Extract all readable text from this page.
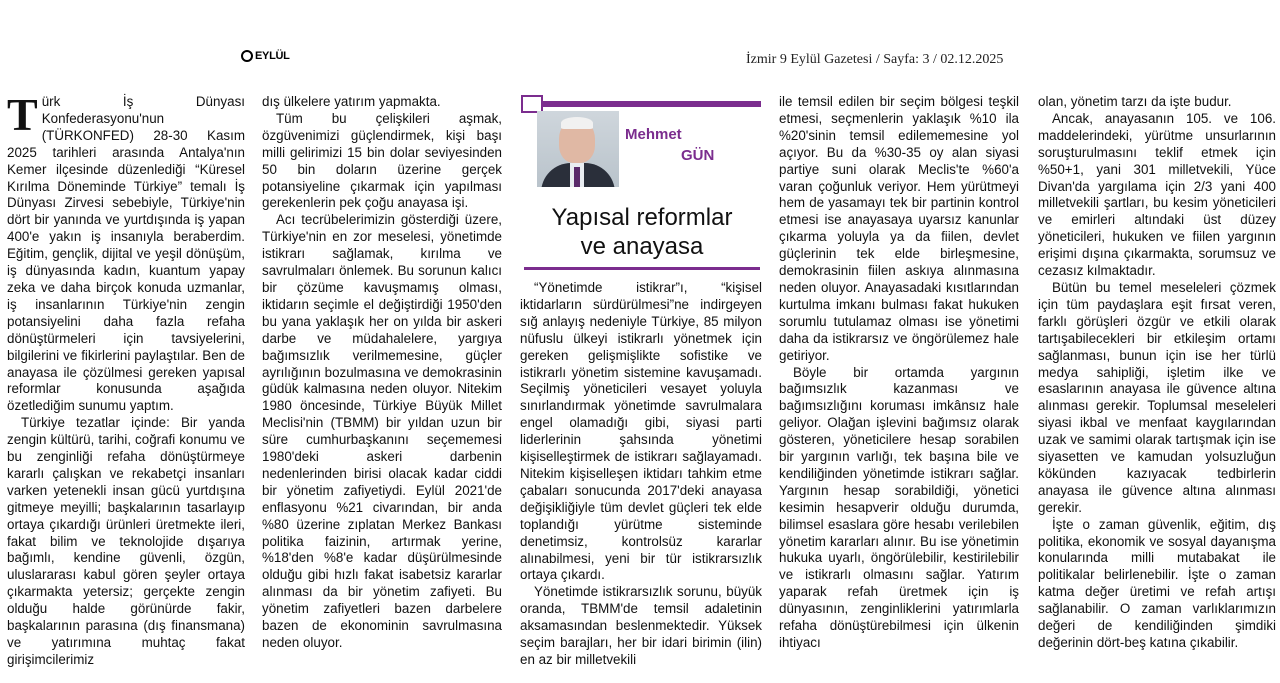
EYLÜL	İzmir 9 Eylül Gazetesi / Sayfa: 3 / 02.12.2025

Türk İş Dünyası Konfederasyonu'nun (TÜRKONFED) 28-30 Kasım 2025 tarihleri arasında Antalya'nın Kemer ilçesinde düzenlediği “Küresel Kırılma Döneminde Türkiye” temalı İş Dünyası Zirvesi sebebiyle, Türkiye'nin dört bir yanında ve yurtdışında iş yapan 400'e yakın iş insanıyla beraberdim. Eğitim, gençlik, dijital ve yeşil dönüşüm, iş dünyasında kadın, kuantum yapay zeka ve daha birçok konuda uzmanlar, iş insanlarının Türkiye'nin zengin potansiyelini daha fazla refaha dönüştürmeleri için tavsiyelerini, bilgilerini ve fikirlerini paylaştılar. Ben de anayasa ile çözülmesi gereken yapısal reformlar konusunda aşağıda özetlediğim sunumu yaptım.

Türkiye tezatlar içinde: Bir yanda zengin kültürü, tarihi, coğrafi konumu ve bu zenginliği refaha dönüştürmeye kararlı çalışkan ve rekabetçi insanları varken yetenekli insan gücü yurtdışına gitmeye meyilli; başkalarının tasarlayıp ortaya çıkardığı ürünleri üretmekte ileri, fakat bilim ve teknolojide dışarıya bağımlı, kendine güvenli, özgün, uluslararası kabul gören şeyler ortaya çıkarmakta yetersiz; gerçekte zengin olduğu halde görünürde fakir, başkalarının parasına (dış finansmana) ve yatırımına muhtaç fakat girişimcilerimiz

dış ülkelere yatırım yapmakta.

Tüm bu çelişkileri aşmak, özgüvenimizi güçlendirmek, kişi başı milli gelirimizi 15 bin dolar seviyesinden 50 bin doların üzerine gerçek potansiyeline çıkarmak için yapılması gerekenlerin pek çoğu anayasa işi.

Acı tecrübelerimizin gösterdiği üzere, Türkiye'nin en zor meselesi, yönetimde istikrarı sağlamak, kırılma ve savrulmaları önlemek. Bu sorunun kalıcı bir çözüme kavuşmamış olması, iktidarın seçimle el değiştirdiği 1950'den bu yana yaklaşık her on yılda bir askeri darbe ve müdahalelere, yargıya bağımsızlık verilmemesine, güçler ayrılığının bozulmasına ve demokrasinin güdük kalmasına neden oluyor. Nitekim 1980 öncesinde, Türkiye Büyük Millet Meclisi'nin (TBMM) bir yıldan uzun bir süre cumhurbaşkanını seçememesi 1980'deki askeri darbenin nedenlerinden birisi olacak kadar ciddi bir yönetim zafiyetiydi. Eylül 2021'de enflasyonu %21 civarından, bir anda %80 üzerine zıplatan Merkez Bankası politika faizinin, artırmak yerine, %18'den %8'e kadar düşürülmesinde olduğu gibi hızlı fakat isabetsiz kararlar alınması da bir yönetim zafiyeti. Bu yönetim zafiyetleri bazen darbelere bazen de ekonominin savrulmasına neden oluyor.

Mehmet
GÜN
Yapısal reformlar
ve anayasa

“Yönetimde istikrar”ı, “kişisel iktidarların sürdürülmesi”ne indirgeyen sığ anlayış nedeniyle Türkiye, 85 milyon nüfuslu ülkeyi istikrarlı yönetmek için gereken gelişmişlikte sofistike ve istikrarlı yönetim sistemine kavuşamadı. Seçilmiş yöneticileri vesayet yoluyla sınırlandırmak yönetimde savrulmalara engel olamadığı gibi, siyasi parti liderlerinin şahsında yönetimi kişiselleştirmek de istikrarı sağlayamadı. Nitekim kişiselleşen iktidarı tahkim etme çabaları sonucunda 2017'deki anayasa değişikliğiyle tüm devlet güçleri tek elde toplandığı yürütme sisteminde denetimsiz, kontrolsüz kararlar alınabilmesi, yeni bir tür istikrarsızlık ortaya çıkardı.

Yönetimde istikrarsızlık sorunu, büyük oranda, TBMM'de temsil adaletinin aksamasından beslenmektedir. Yüksek seçim barajları, her bir idari birimin (ilin) en az bir milletvekili

ile temsil edilen bir seçim bölgesi teşkil etmesi, seçmenlerin yaklaşık %10 ila %20'sinin temsil edilememesine yol açıyor. Bu da %30-35 oy alan siyasi partiye suni olarak Meclis'te %60'a varan çoğunluk veriyor. Hem yürütmeyi hem de yasamayı tek bir partinin kontrol etmesi ise anayasaya uyarsız kanunlar çıkarma yoluyla ya da fiilen, devlet güçlerinin tek elde birleşmesine, demokrasinin fiilen askıya alınmasına neden oluyor. Anayasadaki kısıtlarından kurtulma imkanı bulması fakat hukuken sorumlu tutulamaz olması ise yönetimi daha da istikrarsız ve öngörülemez hale getiriyor.

Böyle bir ortamda yargının bağımsızlık kazanması ve bağımsızlığını koruması imkânsız hale geliyor. Olağan işlevini bağımsız olarak gösteren, yöneticilere hesap sorabilen bir yargının varlığı, tek başına bile ve kendiliğinden yönetimde istikrarı sağlar. Yargının hesap sorabildiği, yönetici kesimin hesapverir olduğu durumda, bilimsel esaslara göre hesabı verilebilen yönetim kararları alınır. Bu ise yönetimin hukuka uyarlı, öngörülebilir, kestirilebilir ve istikrarlı olmasını sağlar. Yatırım yaparak refah üretmek için iş dünyasının, zenginliklerini yatırımlarla refaha dönüştürebilmesi için ülkenin ihtiyacı

olan, yönetim tarzı da işte budur.

Ancak, anayasanın 105. ve 106. maddelerindeki, yürütme unsurlarının soruşturulmasını teklif etmek için %50+1, yani 301 milletvekili, Yüce Divan'da yargılama için 2/3 yani 400 milletvekili şartları, bu kesim yöneticileri ve emirleri altındaki üst düzey yöneticileri, hukuken ve fiilen yargının erişimi dışına çıkarmakta, sorumsuz ve cezasız kılmaktadır.

Bütün bu temel meseleleri çözmek için tüm paydaşlara eşit fırsat veren, farklı görüşleri özgür ve etkili olarak tartışabilecekleri bir etkileşim ortamı sağlanması, bunun için ise her türlü medya sahipliği, işletim ilke ve esaslarının anayasa ile güvence altına alınması gerekir. Toplumsal meseleleri siyasi ikbal ve menfaat kaygılarından uzak ve samimi olarak tartışmak için ise siyasetten ve kamudan yolsuzluğun kökünden kazıyacak tedbirlerin anayasa ile güvence altına alınması gerekir.

İşte o zaman güvenlik, eğitim, dış politika, ekonomik ve sosyal dayanışma konularında milli mutabakat ile politikalar belirlenebilir. İşte o zaman katma değer üretimi ve refah artışı sağlanabilir. O zaman varlıklarımızın değeri de kendiliğinden şimdiki değerinin dört-beş katına çıkabilir.
